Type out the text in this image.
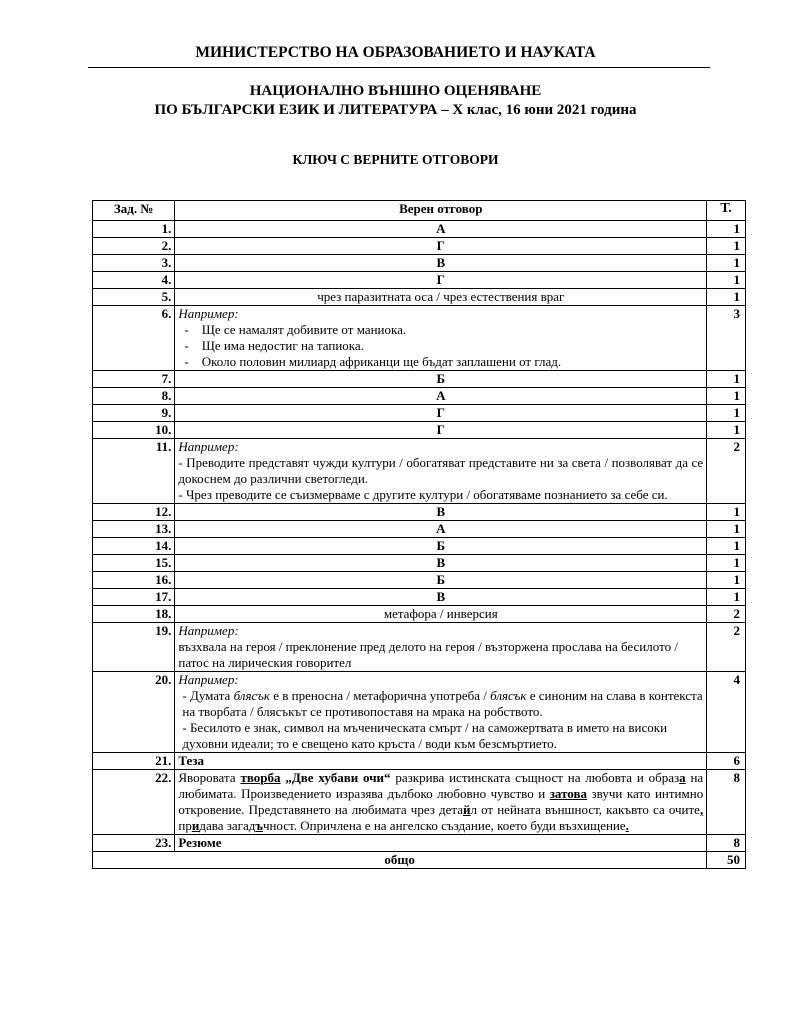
МИНИСТЕРСТВО НА ОБРАЗОВАНИЕТО И НАУКАТА
НАЦИОНАЛНО ВЪНШНО ОЦЕНЯВАНЕ
ПО БЪЛГАРСКИ ЕЗИК И ЛИТЕРАТУРА – X клас, 16 юни 2021 година
КЛЮЧ С ВЕРНИТЕ ОТГОВОРИ
Зад. №	Верен отговор	Т.
1.	А	1
2.	Г	1
3.	В	1
4.	Г	1
5.	чрез паразитната оса / чрез естествения враг	1
6.	Например:
-    Ще се намалят добивите от маниока.
-    Ще има недостиг на тапиока.
-    Около половин милиард африканци ще бъдат заплашени от глад.	3
7.	Б	1
8.	А	1
9.	Г	1
10.	Г	1
11.	Например:
- Преводите представят чужди култури / обогатяват представите ни за света / позволяват да се докоснем до различни светогледи.
- Чрез преводите се съизмерваме с другите култури / обогатяваме познанието за себе си.	2
12.	В	1
13.	А	1
14.	Б	1
15.	В	1
16.	Б	1
17.	В	1
18.	метафора / инверсия	2
19.	Например:
възхвала на героя / преклонение пред делото на героя / възторжена прослава на бесилото / патос на лирическия говорител	2
20.	Например:
- Думата блясък е в преносна / метафорична употреба / блясък е синоним на слава в контекста на творбата / блясъкът се противопоставя на мрака на робството.
- Бесилото е знак, символ на мъченическата смърт / на саможертвата в името на високи духовни идеали; то е свещено като кръста / води към безсмъртието.	4
21.	Теза	6
22.	Яворовата творба „Две хубави очи“ разкрива истинската същност на любовта и образа на любимата. Произведението изразява дълбоко любовно чувство и затова звучи като интимно откровение. Представянето на любимата чрез детайл от нейната външност, какъвто са очите, придава загадъчност. Опричлена е на ангелско създание, което буди възхищение.	8
23.	Резюме	8
общо		50
